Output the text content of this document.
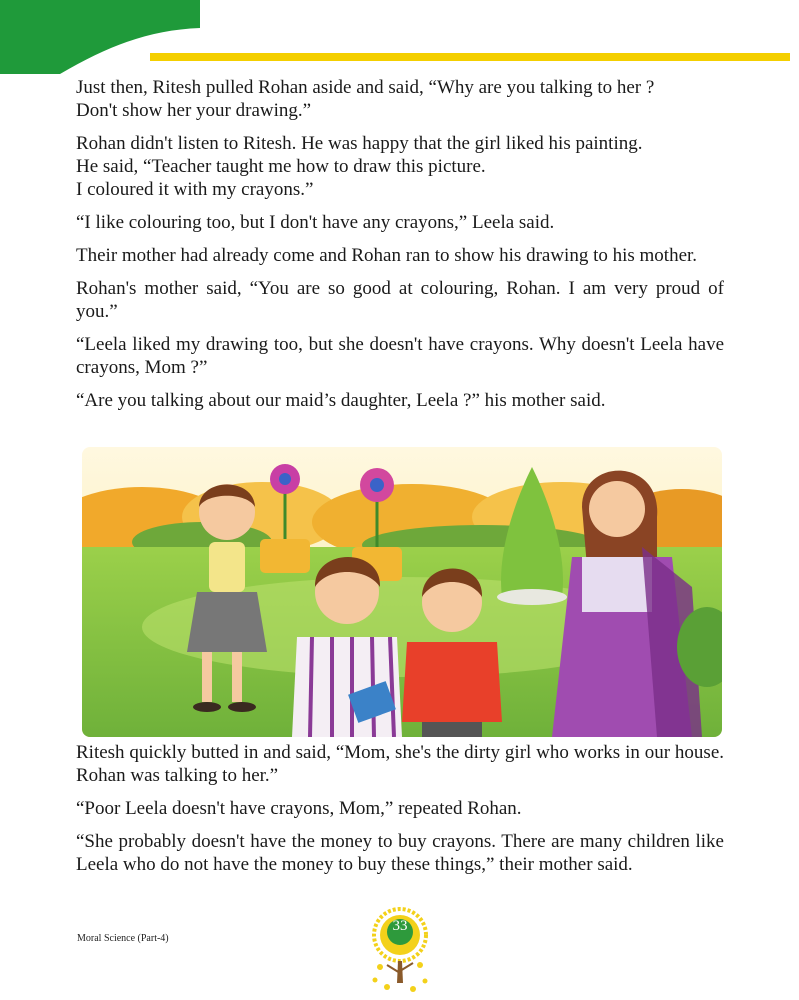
Just then, Ritesh pulled Rohan aside and said, “Why are you talking to her ?
Don't show her your drawing.”

Rohan didn't listen to Ritesh. He was happy that the girl liked his painting.
He said, “Teacher taught me how to draw this picture.
I coloured it with my crayons.”

“I like colouring too, but I don't have any crayons,” Leela said.

Their mother had already come and Rohan ran to show his drawing to his mother.

Rohan's mother said, “You are so good at colouring, Rohan. I am very proud of you.”

“Leela liked my drawing too, but she doesn't have crayons. Why doesn't Leela have crayons, Mom ?”

“Are you talking about our maid’s daughter, Leela ?” his mother said.

Ritesh quickly butted in and said, “Mom, she's the dirty girl who works in our house. Rohan was talking to her.”

“Poor Leela doesn't have crayons, Mom,” repeated Rohan.

“She probably doesn't have the money to buy crayons. There are many children like Leela who do not have the money to buy these things,” their mother said.

Moral Science (Part-4)
33
